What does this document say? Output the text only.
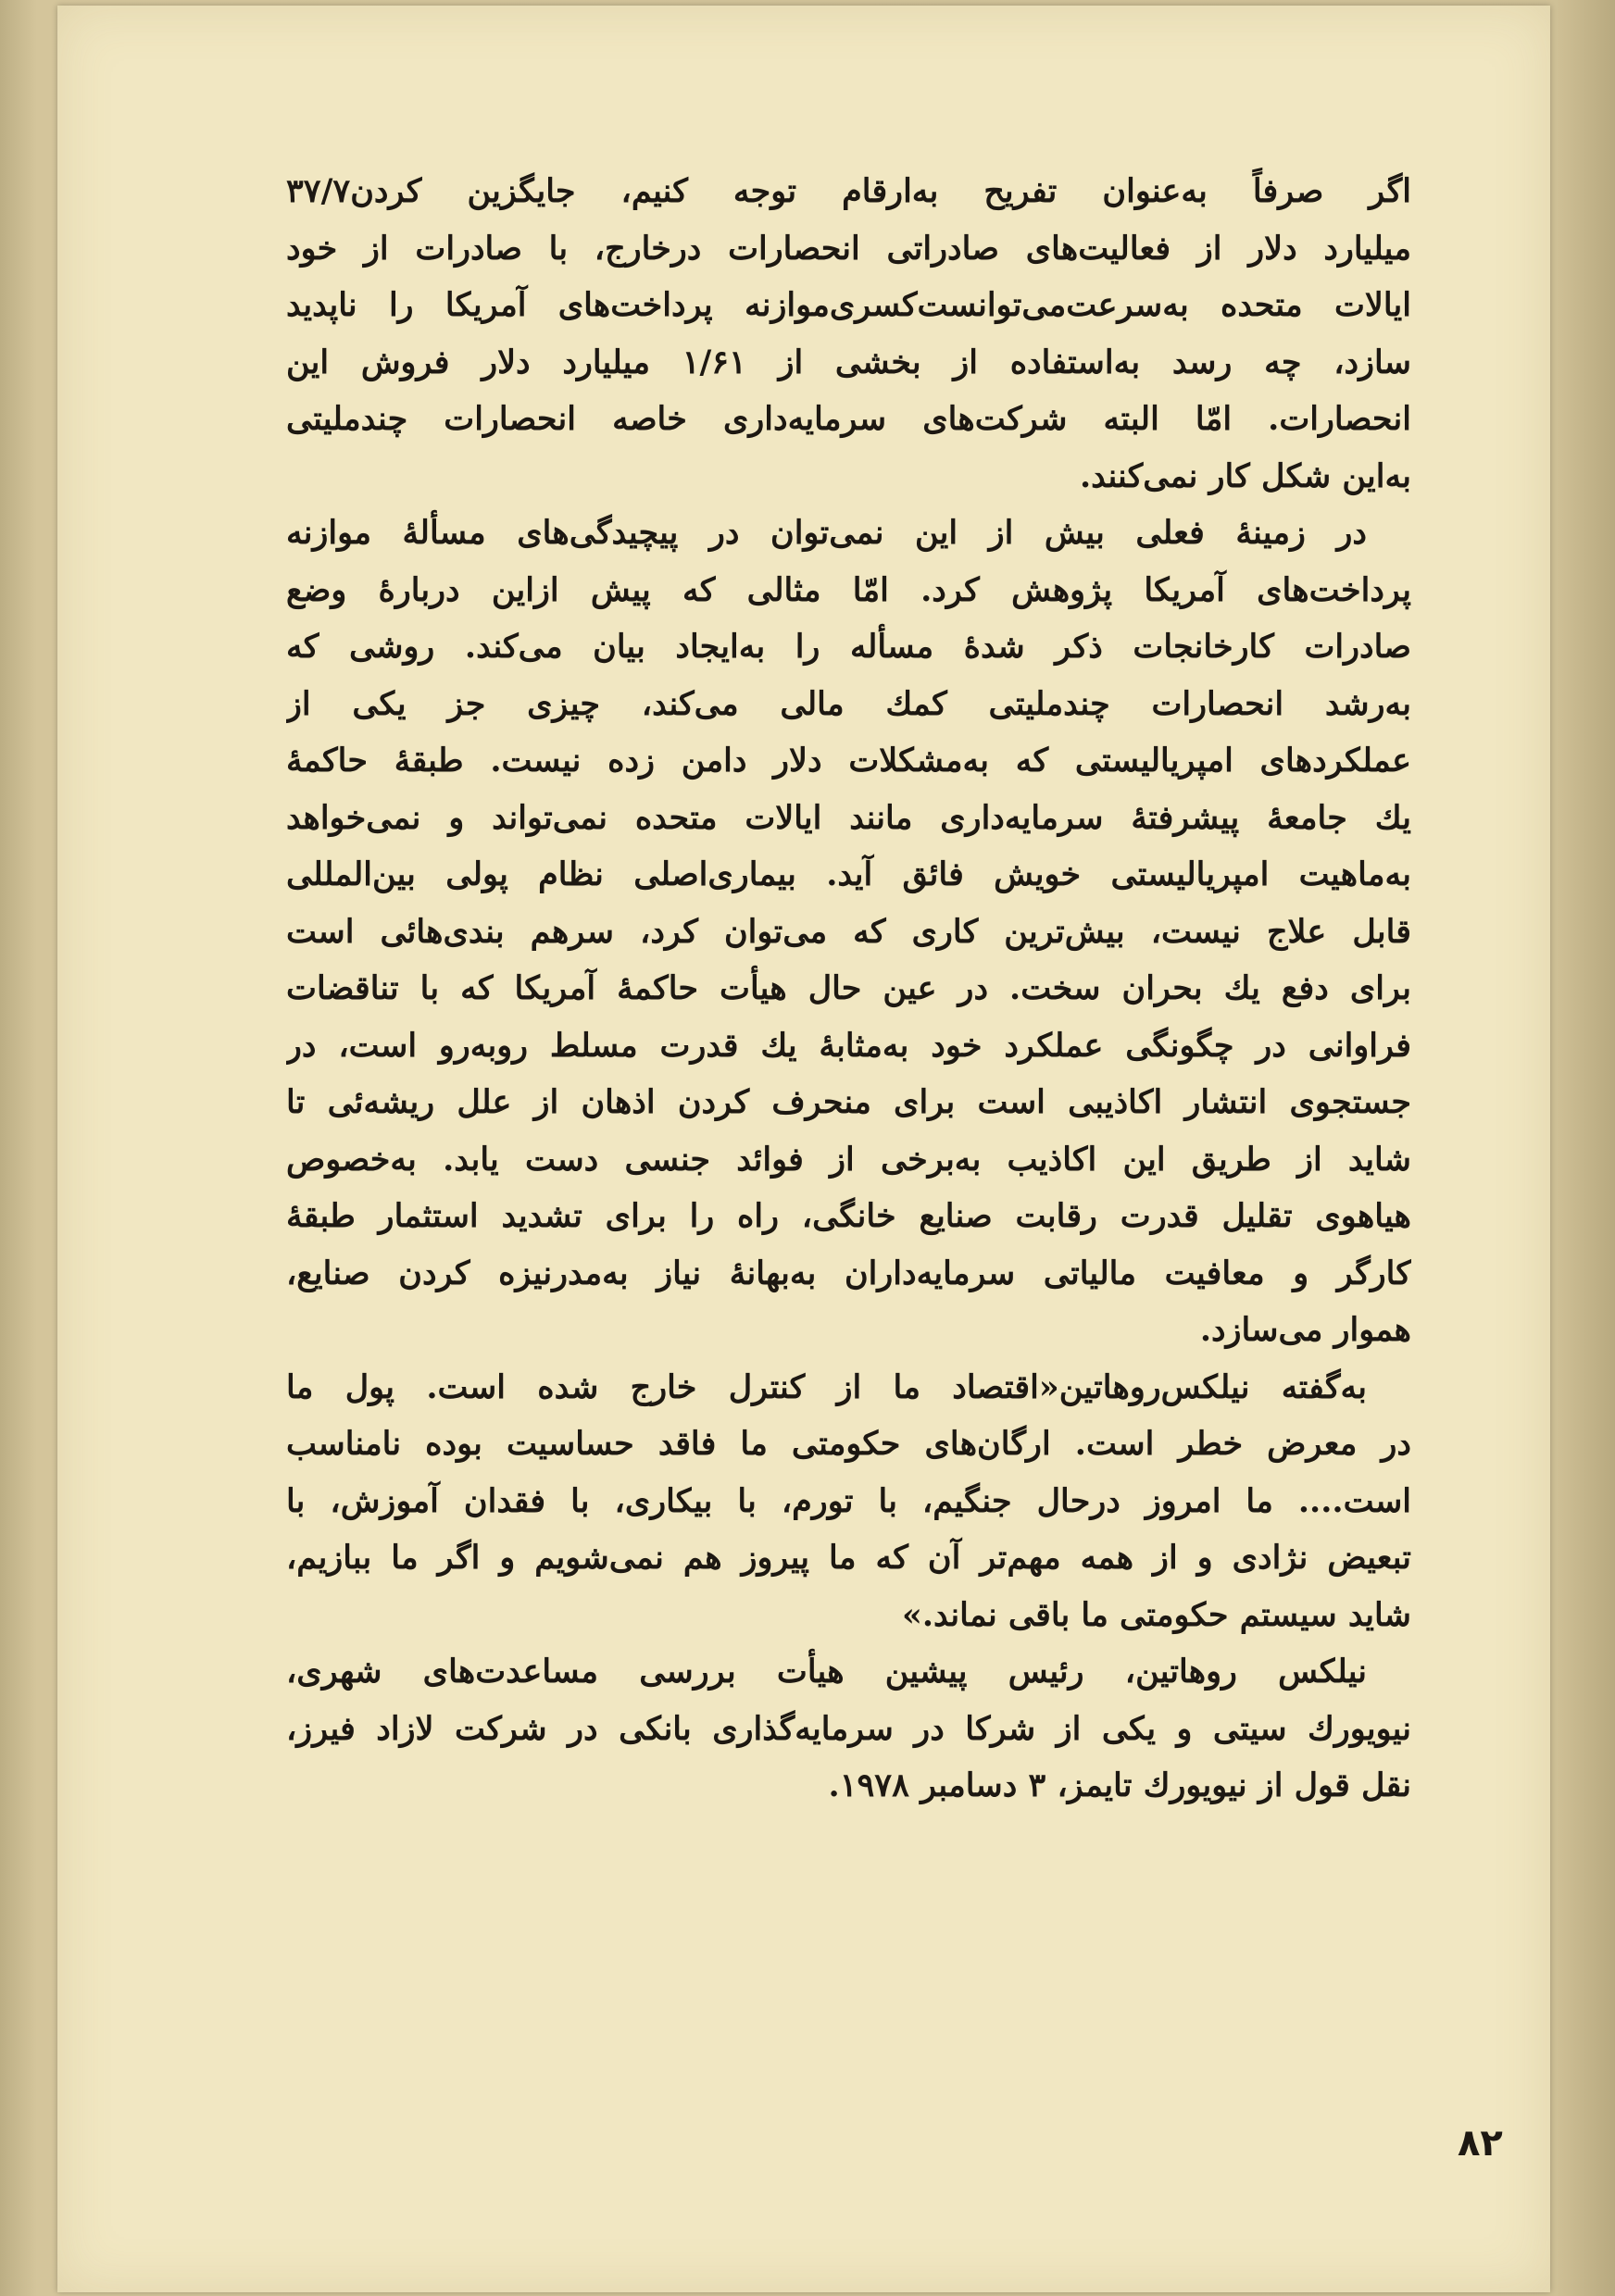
اگر صرفاً به‌عنوان تفریح به‌ارقام توجه کنیم، جایگزین کردن۳۷/۷
میلیارد دلار از فعالیت‌های صادراتی انحصارات درخارج، با صادرات از خود
ایالات متحده به‌سرعت‌می‌توانست‌کسری‌موازنه پرداخت‌های آمریکا را ناپدید
سازد، چه رسد به‌استفاده از بخشی از ۱/۶۱ میلیارد دلار فروش این
انحصارات. امّا البته شرکت‌های سرمایه‌داری خاصه انحصارات چندملیتی
به‌این شکل کار نمی‌کنند.
در زمینهٔ فعلی بیش از این نمی‌توان در پیچیدگی‌های مسألهٔ موازنه
پرداخت‌های آمریکا پژوهش کرد. امّا مثالی که پیش ازاین دربارهٔ وضع
صادرات کارخانجات ذکر شدهٔ مسأله را به‌ایجاد بیان می‌کند. روشی که
به‌رشد انحصارات چندملیتی کمك مالی می‌کند، چیزی جز یکی از
عملکردهای امپریالیستی که به‌مشکلات دلار دامن زده نیست. طبقهٔ حاکمهٔ
یك جامعهٔ پیشرفتهٔ سرمایه‌داری مانند ایالات متحده نمی‌تواند و نمی‌خواهد
به‌ماهیت امپریالیستی خویش فائق آید. بیماری‌اصلی نظام پولی بین‌المللی
قابل علاج نیست، بیش‌ترین کاری که می‌توان کرد، سرهم بندی‌هائی است
برای دفع یك بحران سخت. در عین حال هیأت حاکمهٔ آمریکا که با تناقضات
فراوانی در چگونگی عملکرد خود به‌مثابهٔ یك قدرت مسلط روبه‌رو است، در
جستجوی انتشار اکاذیبی است برای منحرف کردن اذهان از علل ریشه‌ئی تا
شاید از طریق این اکاذیب به‌برخی از فوائد جنسی دست یابد. به‌خصوص
هیاهوی تقلیل قدرت رقابت صنایع خانگی، راه را برای تشدید استثمار طبقهٔ
کارگر و معافیت مالیاتی سرمایه‌داران به‌بهانهٔ نیاز به‌مدرنیزه کردن صنایع،
هموار می‌سازد.
به‌گفته نیلکس‌روهاتین«اقتصاد ما از کنترل خارج شده است. پول ما
در معرض خطر است. ارگان‌های حکومتی ما فاقد حساسیت بوده نامناسب
است.... ما امروز درحال جنگیم، با تورم، با بیکاری، با فقدان آموزش، با
تبعیض نژادی و از همه مهم‌تر آن که ما پیروز هم نمی‌شویم و اگر ما ببازیم،
شاید سیستم حکومتی ما باقی نماند.»
نیلکس روهاتین، رئیس پیشین هیأت بررسی مساعدت‌های شهری،
نیویورك سیتی و یکی از شرکا در سرمایه‌گذاری بانکی در شرکت لازاد فیرز،
نقل قول از نیویورك تایمز، ۳ دسامبر ۱۹۷۸.
۸۲
